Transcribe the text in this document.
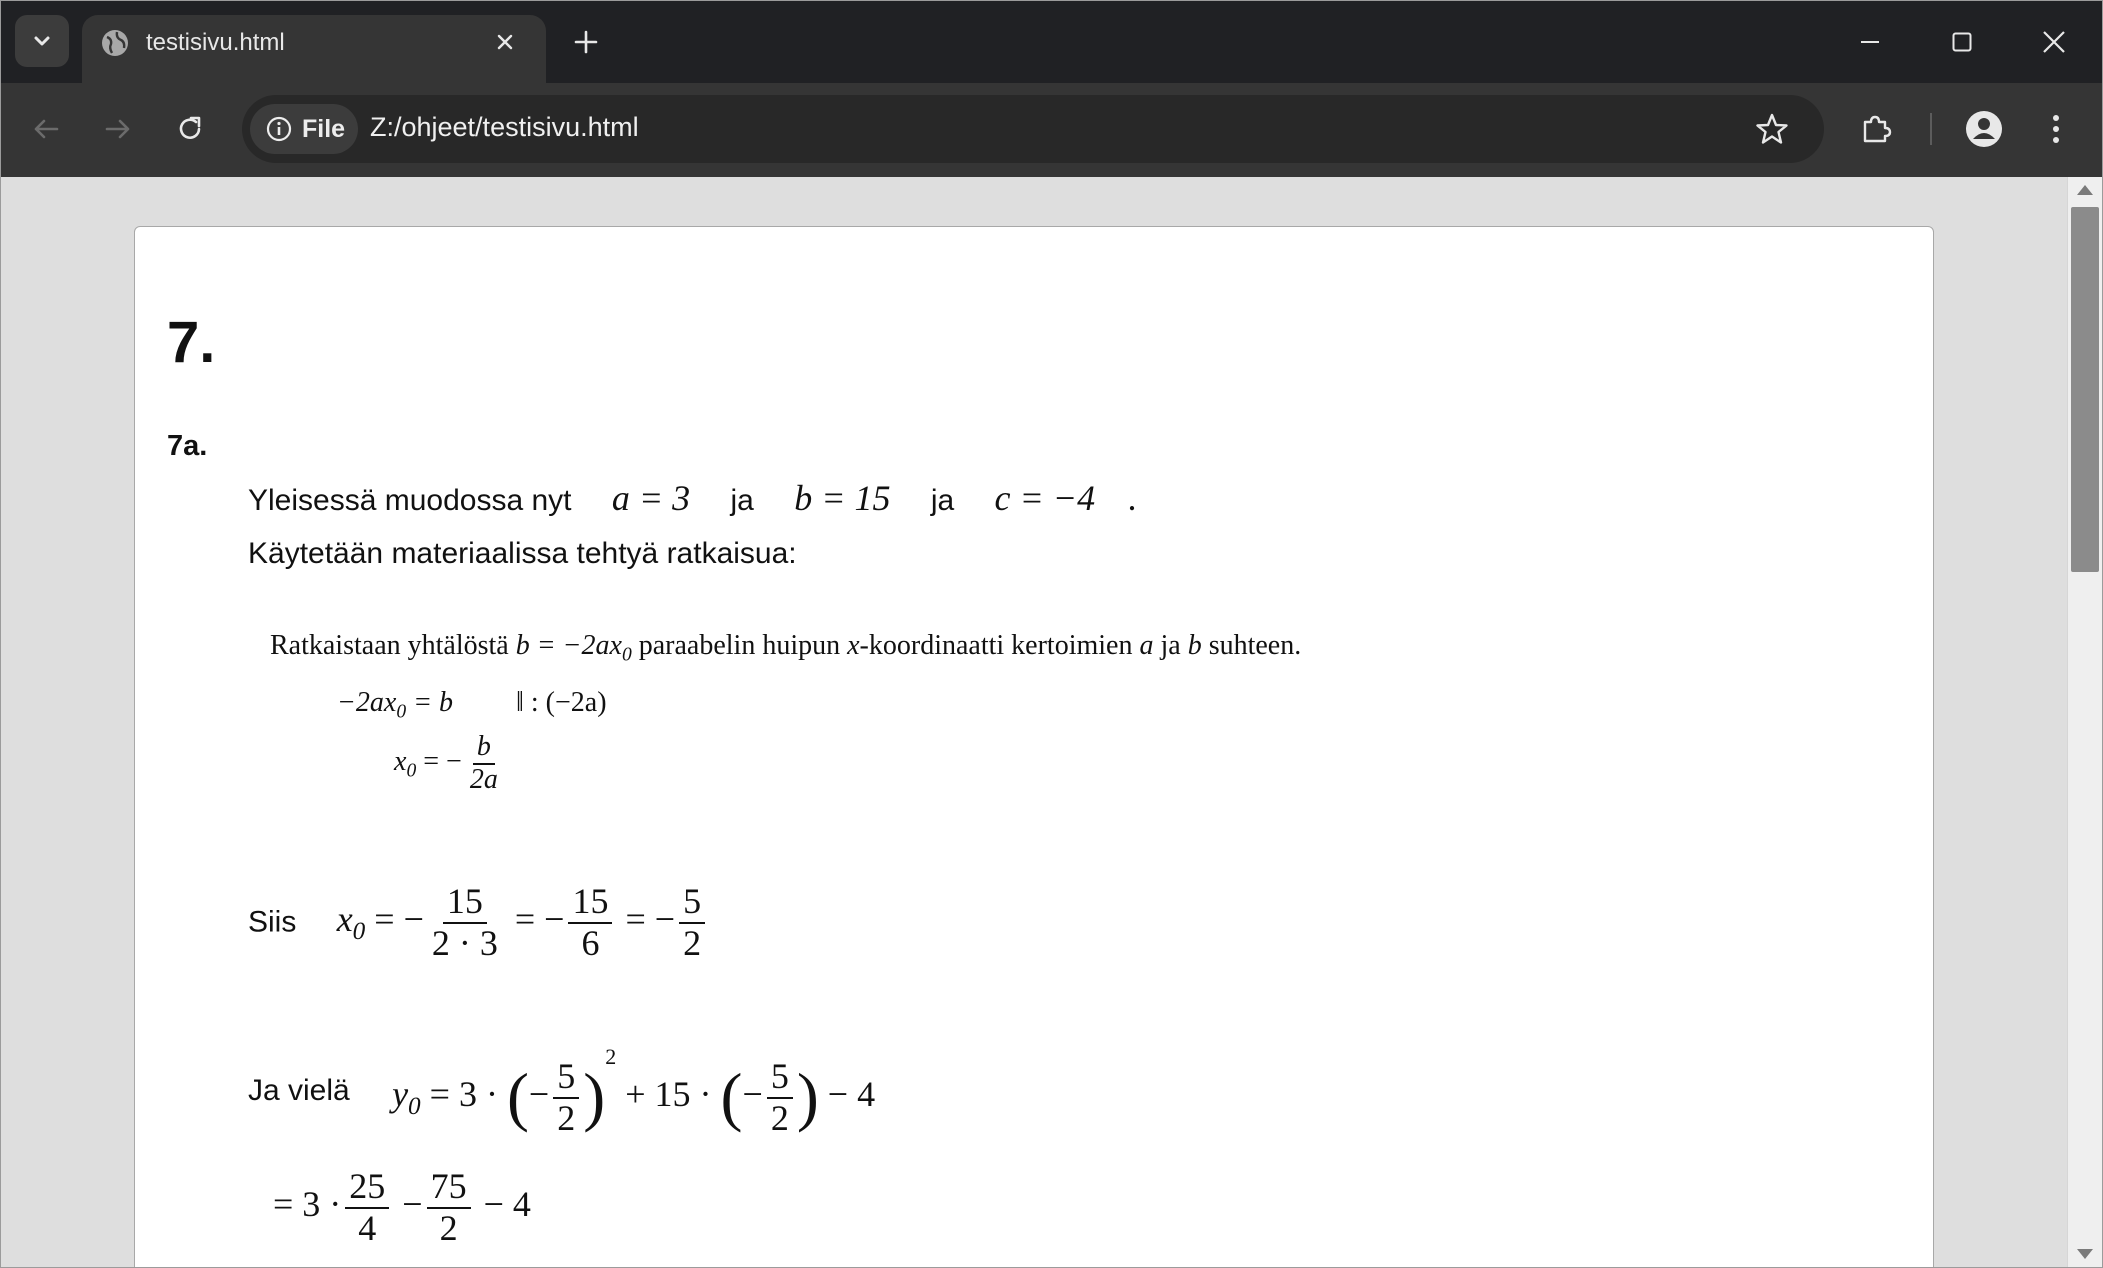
testisivu.html
File Z:/ohjeet/testisivu.html
7.
7a.
Yleisessä muodossa nyt a = 3 ja b = 15 ja c = −4 .
Käytetään materiaalissa tehtyä ratkaisua:
Ratkaistaan yhtälöstä $b = -2ax_0$ paraabelin huipun x-koordinaatti kertoimien a ja b suhteen.
$-2ax_0 = b$ ‖ : (−2a)
$x_0$ = − $\frac{b}{2a}$
Siis $x_0$ = − $\frac{15}{2 \cdot 3}$ = − $\frac{15}{6}$ = − $\frac{5}{2}$
Ja vielä $y_0 = 3$ · (− $\frac{5}{2} )^2 + 15$ · (− $\frac{5}{2}$ ) − 4
= $3 \cdot \frac{25}{4} - \frac{75}{2} - 4$
